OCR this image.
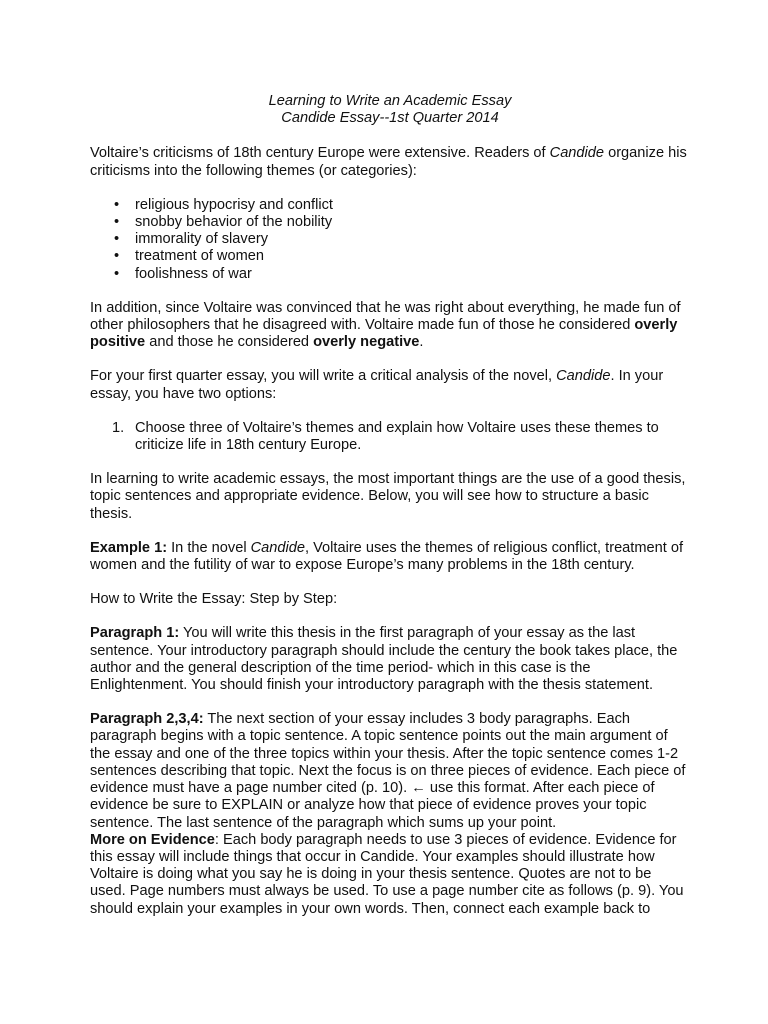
Learning to Write an Academic Essay
Candide Essay--1st Quarter 2014

Voltaire’s criticisms of 18th century Europe were extensive. Readers of Candide organize his criticisms into the following themes (or categories):

• religious hypocrisy and conflict
• snobby behavior of the nobility
• immorality of slavery
• treatment of women
• foolishness of war

In addition, since Voltaire was convinced that he was right about everything, he made fun of other philosophers that he disagreed with. Voltaire made fun of those he considered overly positive and those he considered overly negative.

For your first quarter essay, you will write a critical analysis of the novel, Candide. In your essay, you have two options:

1. Choose three of Voltaire’s themes and explain how Voltaire uses these themes to criticize life in 18th century Europe.

In learning to write academic essays, the most important things are the use of a good thesis, topic sentences and appropriate evidence. Below, you will see how to structure a basic thesis.

Example 1: In the novel Candide, Voltaire uses the themes of religious conflict, treatment of women and the futility of war to expose Europe’s many problems in the 18th century.

How to Write the Essay: Step by Step:

Paragraph 1: You will write this thesis in the first paragraph of your essay as the last sentence. Your introductory paragraph should include the century the book takes place, the author and the general description of the time period- which in this case is the Enlightenment. You should finish your introductory paragraph with the thesis statement.

Paragraph 2,3,4: The next section of your essay includes 3 body paragraphs. Each paragraph begins with a topic sentence. A topic sentence points out the main argument of the essay and one of the three topics within your thesis. After the topic sentence comes 1-2 sentences describing that topic. Next the focus is on three pieces of evidence. Each piece of evidence must have a page number cited (p. 10). ← use this format. After each piece of evidence be sure to EXPLAIN or analyze how that piece of evidence proves your topic sentence. The last sentence of the paragraph which sums up your point.

More on Evidence: Each body paragraph needs to use 3 pieces of evidence. Evidence for this essay will include things that occur in Candide. Your examples should illustrate how Voltaire is doing what you say he is doing in your thesis sentence. Quotes are not to be used. Page numbers must always be used. To use a page number cite as follows (p. 9). You should explain your examples in your own words. Then, connect each example back to
